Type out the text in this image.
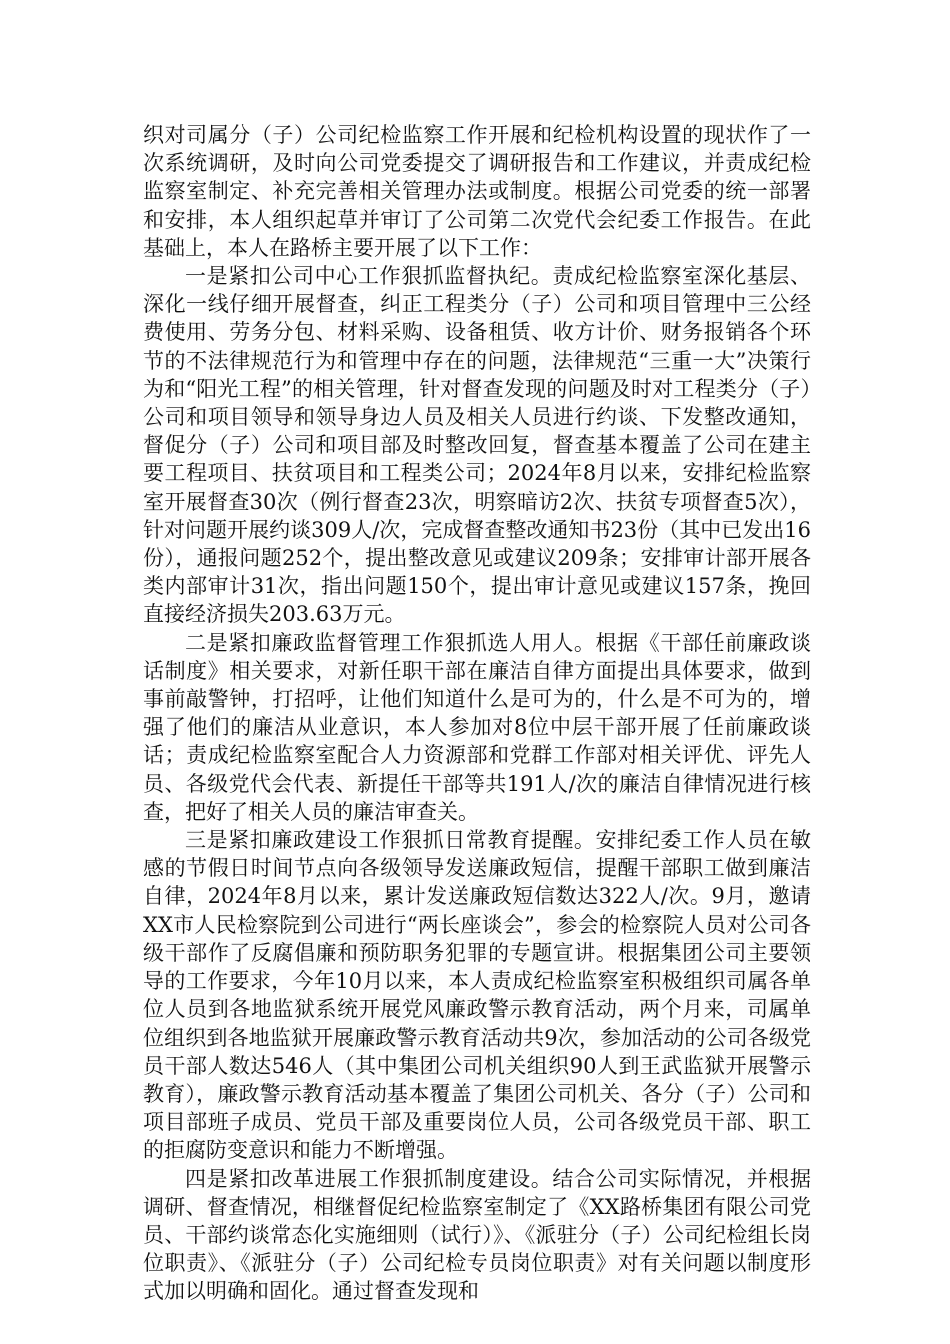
织对司属分（子）公司纪检监察工作开展和纪检机构设置的现状作了一次系统调研，及时向公司党委提交了调研报告和工作建议，并责成纪检监察室制定、补充完善相关管理办法或制度。根据公司党委的统一部署和安排，本人组织起草并审订了公司第二次党代会纪委工作报告。在此基础上，本人在路桥主要开展了以下工作：

一是紧扣公司中心工作狠抓监督执纪。责成纪检监察室深化基层、深化一线仔细开展督查，纠正工程类分（子）公司和项目管理中三公经费使用、劳务分包、材料采购、设备租赁、收方计价、财务报销各个环节的不法律规范行为和管理中存在的问题，法律规范“三重一大”决策行为和“阳光工程”的相关管理，针对督查发现的问题及时对工程类分（子）公司和项目领导和领导身边人员及相关人员进行约谈、下发整改通知，督促分（子）公司和项目部及时整改回复，督查基本覆盖了公司在建主要工程项目、扶贫项目和工程类公司；2024年8月以来，安排纪检监察室开展督查30次（例行督查23次，明察暗访2次、扶贫专项督查5次），针对问题开展约谈309人/次，完成督查整改通知书23份（其中已发出16份），通报问题252个，提出整改意见或建议209条；安排审计部开展各类内部审计31次，指出问题150个，提出审计意见或建议157条，挽回直接经济损失203.63万元。

二是紧扣廉政监督管理工作狠抓选人用人。根据《干部任前廉政谈话制度》相关要求，对新任职干部在廉洁自律方面提出具体要求，做到事前敲警钟，打招呼，让他们知道什么是可为的，什么是不可为的，增强了他们的廉洁从业意识，本人参加对8位中层干部开展了任前廉政谈话；责成纪检监察室配合人力资源部和党群工作部对相关评优、评先人员、各级党代会代表、新提任干部等共191人/次的廉洁自律情况进行核查，把好了相关人员的廉洁审查关。

三是紧扣廉政建设工作狠抓日常教育提醒。安排纪委工作人员在敏感的节假日时间节点向各级领导发送廉政短信，提醒干部职工做到廉洁自律，2024年8月以来，累计发送廉政短信数达322人/次。9月，邀请XX市人民检察院到公司进行“两长座谈会”，参会的检察院人员对公司各级干部作了反腐倡廉和预防职务犯罪的专题宣讲。根据集团公司主要领导的工作要求，今年10月以来，本人责成纪检监察室积极组织司属各单位人员到各地监狱系统开展党风廉政警示教育活动，两个月来，司属单位组织到各地监狱开展廉政警示教育活动共9次，参加活动的公司各级党员干部人数达546人（其中集团公司机关组织90人到王武监狱开展警示教育），廉政警示教育活动基本覆盖了集团公司机关、各分（子）公司和项目部班子成员、党员干部及重要岗位人员，公司各级党员干部、职工的拒腐防变意识和能力不断增强。

四是紧扣改革进展工作狠抓制度建设。结合公司实际情况，并根据调研、督查情况，相继督促纪检监察室制定了《XX路桥集团有限公司党员、干部约谈常态化实施细则（试行）》、《派驻分（子）公司纪检组长岗位职责》、《派驻分（子）公司纪检专员岗位职责》对有关问题以制度形式加以明确和固化。通过督查发现和
